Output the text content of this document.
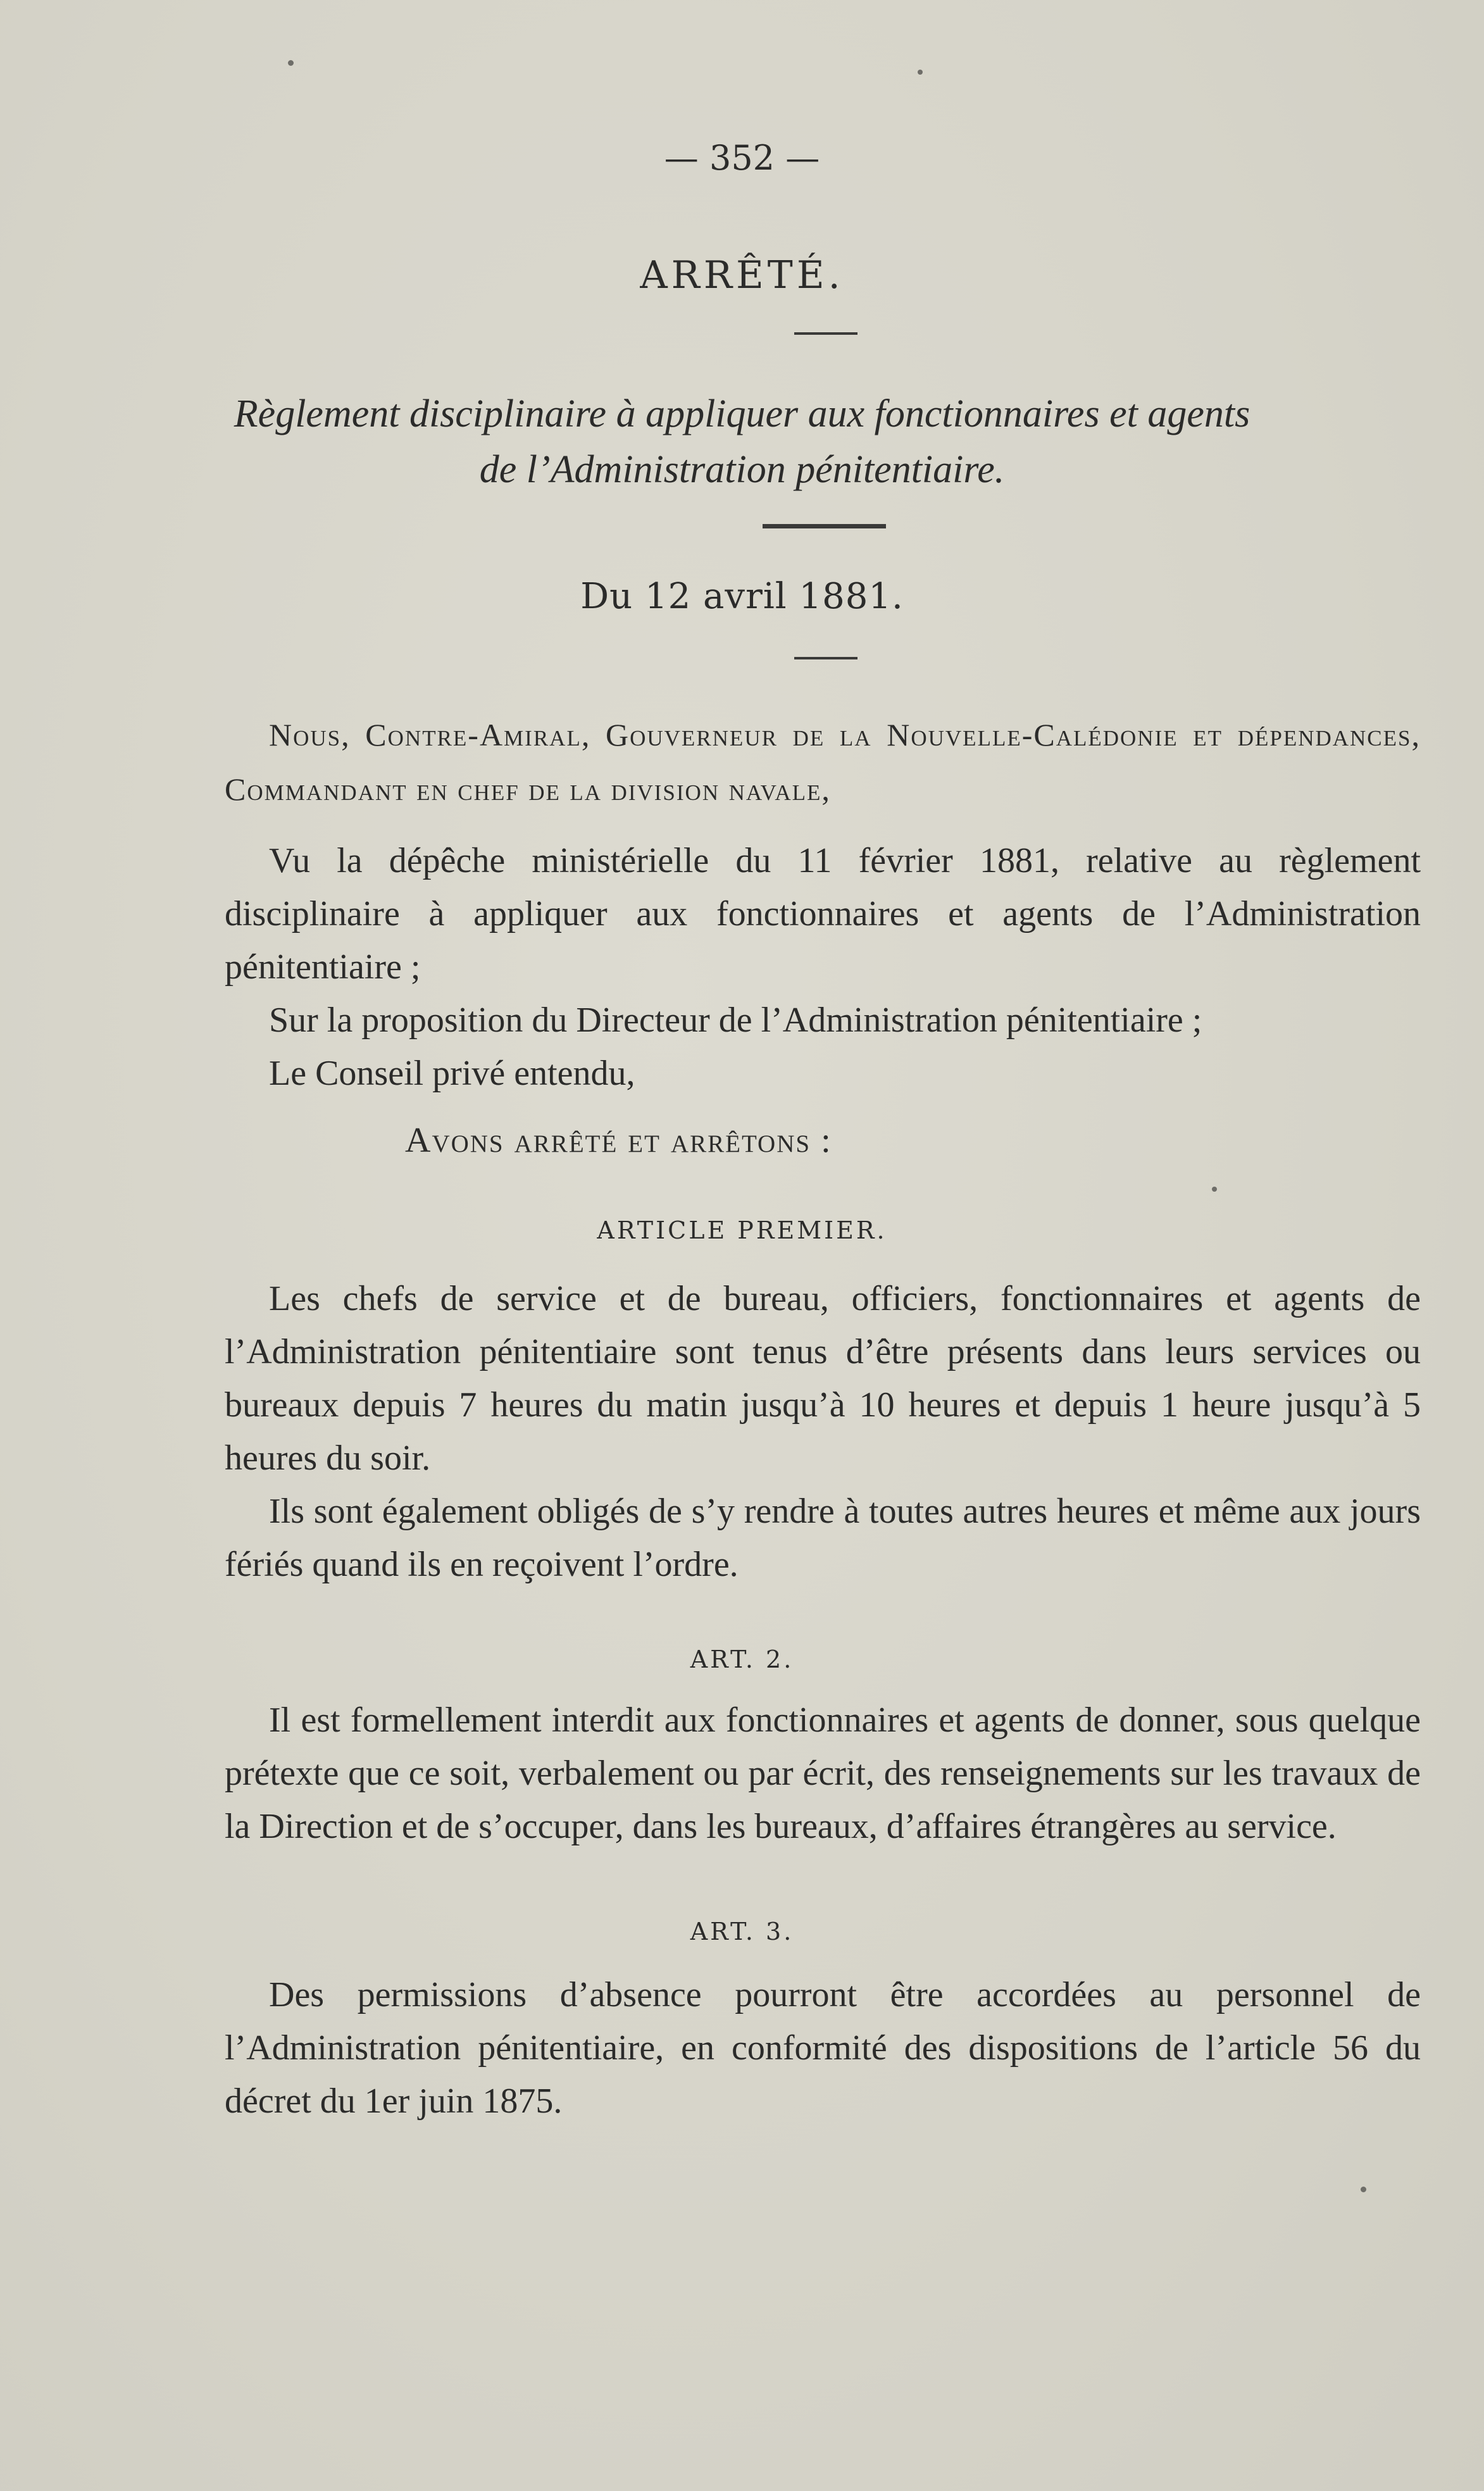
— 352 —
ARRÊTÉ.
Règlement disciplinaire à appliquer aux fonctionnaires et agents
de l’Administration pénitentiaire.
Du 12 avril 1881.

Nous, Contre-Amiral, Gouverneur de la Nouvelle-Calédonie et dépendances, Commandant en chef de la division navale,

Vu la dépêche ministérielle du 11 février 1881, relative au règlement disciplinaire à appliquer aux fonctionnaires et agents de l’Administration pénitentiaire ;

Sur la proposition du Directeur de l’Administration pénitentiaire ;

Le Conseil privé entendu,

Avons arrêté et arrêtons :
ARTICLE PREMIER.

Les chefs de service et de bureau, officiers, fonctionnaires et agents de l’Administration pénitentiaire sont tenus d’être présents dans leurs services ou bureaux depuis 7 heures du matin jusqu’à 10 heures et depuis 1 heure jusqu’à 5 heures du soir.

Ils sont également obligés de s’y rendre à toutes autres heures et même aux jours fériés quand ils en reçoivent l’ordre.

ART. 2.

Il est formellement interdit aux fonctionnaires et agents de donner, sous quelque prétexte que ce soit, verbalement ou par écrit, des renseignements sur les travaux de la Direction et de s’occuper, dans les bureaux, d’affaires étrangères au service.

ART. 3.

Des permissions d’absence pourront être accordées au personnel de l’Administration pénitentiaire, en conformité des dispositions de l’article 56 du décret du 1er juin 1875.
